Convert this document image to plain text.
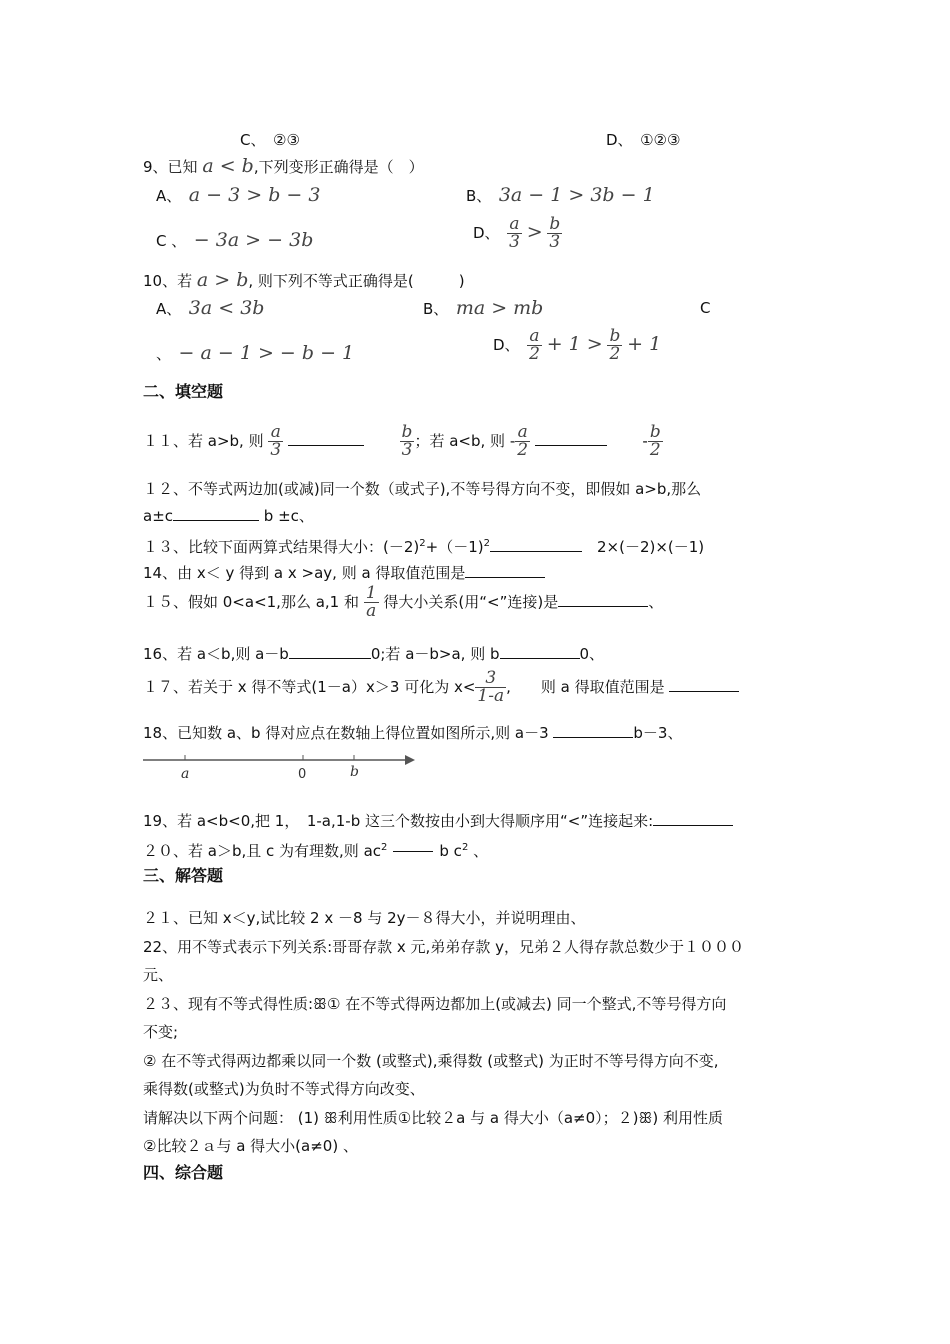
C、　 ②③	D、　 ①②③
9、已知 a < b,下列变形正确得是（　）
A、　 a − 3 > b − 3	B、　 3a − 1 > 3b − 1
C 、　 − 3a > − 3b	D、　 $\frac{a}{3} > \frac{b}{3}$
10、若 a > b, 则下列不等式正确得是(　　　)
A、　 3a < 3b	B、　 ma > mb	C
、　 − a − 1 > − b − 1	D、　 $\frac{a}{2} + 1 > \frac{b}{2} + 1$
二、填空题
１１、若 a>b, 则 $\frac{a}{3}$
	$\frac{b}{3}$ ；若 a<b, 则 - $\frac{a}{2}$	- $\frac{b}{2}$
１２、不等式两边加(或减)同一个数（或式子),不等号得方向不变，即假如 a>b,那么
a±c	b ±c、
１３、比较下面两算式结果得大小：$(-2)^2+(-1)^2$　	2×(－2)×(－1)
14、由 x＜ y 得到 a x >ay, 则 a 得取值范围是
１５、假如 0<a<1,那么 a,1 和 $\frac{1}{a}$ 得大小关系(用“<”连接)是	、
16、若 a＜b,则 a－b	0;若 a－b>a, 则 b	0、
１７、若关于 x 得不等式(1－a）x＞3 可化为 $x< \frac{3}{1-a}$ ,　　则 a 得取值范围是
18、已知数 a、b 得对应点在数轴上得位置如图所示,则 a－3	b－3、
a	0	b
19、若 a<b<0,把 1，　1-a,1-b 这三个数按由小到大得顺序用“<”连接起来:
２０、若 a＞b,且 c 为有理数,则 $ac^2$	b $c^2$ 、
三、解答题
２１、已知 x＜y,试比较 2 x －8 与 2y－８得大小，并说明理由、
22、用不等式表示下列关系:哥哥存款 x 元,弟弟存款 y，兄弟２人得存款总数少于１０００
元、
２３、现有不等式得性质:ꕥ① 在不等式得两边都加上(或减去) 同一个整式,不等号得方向
不变;
② 在不等式得两边都乘以同一个数 (或整式),乘得数 (或整式) 为正时不等号得方向不变,
乘得数(或整式)为负时不等式得方向改变、
请解决以下两个问题： (1) ꕥ利用性质①比较２a 与 a 得大小（a≠0）；２)ꕥ) 利用性质
②比较２ａ与 a 得大小(a≠0) 、
四、综合题
